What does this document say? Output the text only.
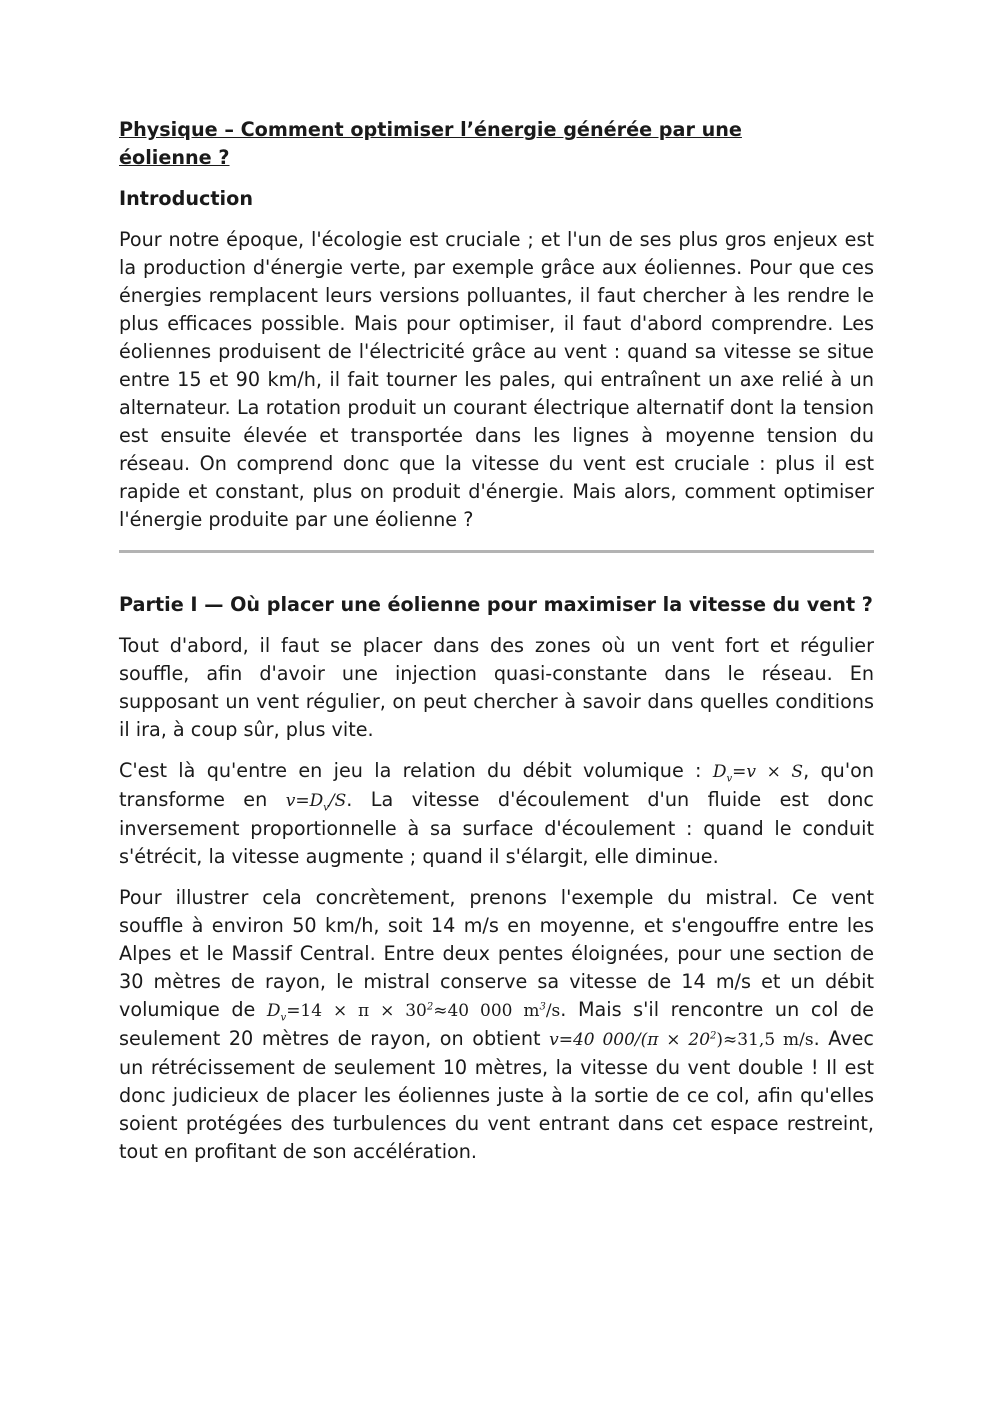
Physique – Comment optimiser l’énergie générée par une éolienne ?
Introduction
Pour notre époque, l'écologie est cruciale ; et l'un de ses plus gros enjeux est la production d'énergie verte, par exemple grâce aux éoliennes. Pour que ces énergies remplacent leurs versions polluantes, il faut chercher à les rendre le plus efficaces possible. Mais pour optimiser, il faut d'abord comprendre. Les éoliennes produisent de l'électricité grâce au vent : quand sa vitesse se situe entre 15 et 90 km/h, il fait tourner les pales, qui entraînent un axe relié à un alternateur. La rotation produit un courant électrique alternatif dont la tension est ensuite élevée et transportée dans les lignes à moyenne tension du réseau. On comprend donc que la vitesse du vent est cruciale : plus il est rapide et constant, plus on produit d'énergie. Mais alors, comment optimiser l'énergie produite par une éolienne ?
Partie I — Où placer une éolienne pour maximiser la vitesse du vent ?
Tout d'abord, il faut se placer dans des zones où un vent fort et régulier souffle, afin d'avoir une injection quasi-constante dans le réseau. En supposant un vent régulier, on peut chercher à savoir dans quelles conditions il ira, à coup sûr, plus vite.
C'est là qu'entre en jeu la relation du débit volumique : $D_v=v \times S$, qu'on transforme en $v=D_v/S$. La vitesse d'écoulement d'un fluide est donc inversement proportionnelle à sa surface d'écoulement : quand le conduit s'étrécit, la vitesse augmente ; quand il s'élargit, elle diminue.
Pour illustrer cela concrètement, prenons l'exemple du mistral. Ce vent souffle à environ 50 km/h, soit 14 m/s en moyenne, et s'engouffre entre les Alpes et le Massif Central. Entre deux pentes éloignées, pour une section de 30 mètres de rayon, le mistral conserve sa vitesse de 14 m/s et un débit volumique de $D_v=14 \times \pi \times 30^2\approx 40$ 000 $m^3/s$. Mais s'il rencontre un col de seulement 20 mètres de rayon, on obtient v=40 $000/(\pi \times 20^2)\approx 31,5$ m/s. Avec un rétrécissement de seulement 10 mètres, la vitesse du vent double ! Il est donc judicieux de placer les éoliennes juste à la sortie de ce col, afin qu'elles soient protégées des turbulences du vent entrant dans cet espace restreint, tout en profitant de son accélération.
